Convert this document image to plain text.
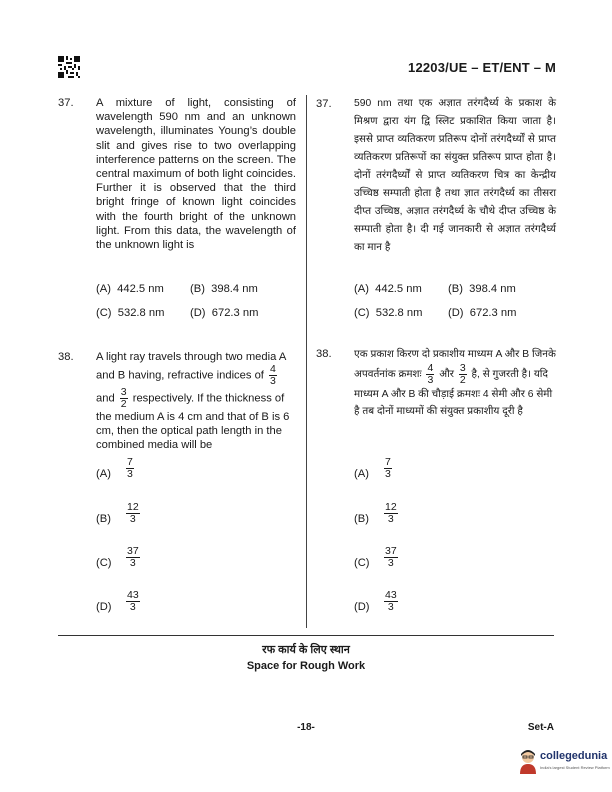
12203/UE – ET/ENT – M
37. A mixture of light, consisting of wavelength 590 nm and an unknown wavelength, illuminates Young’s double slit and gives rise to two overlapping interference patterns on the screen. The central maximum of both light coincides. Further it is observed that the third bright fringe of known light coincides with the fourth bright of the unknown light. From this data, the wavelength of the unknown light is
(A) 442.5 nm (B) 398.4 nm
(C) 532.8 nm (D) 672.3 nm
37. 590 nm तथा एक अज्ञात तरंगदैर्ध्य के प्रकाश के मिश्रण द्वारा यंग द्वि स्लिट प्रकाशित किया जाता है। इससे प्राप्त व्यतिकरण प्रतिरूप दोनों तरंगदैर्ध्यों से प्राप्त व्यतिकरण प्रतिरूपों का संयुक्त प्रतिरूप प्राप्त होता है। दोनों तरंगदैर्ध्यों से प्राप्त व्यतिकरण चित्र का केन्द्रीय उच्चिष्ठ सम्पाती होता है तथा ज्ञात तरंगदैर्ध्य का तीसरा दीप्त उच्चिष्ठ, अज्ञात तरंगदैर्ध्य के चौथे दीप्त उच्चिष्ठ के सम्पाती होता है। दी गई जानकारी से अज्ञात तरंगदैर्ध्य का मान है
(A) 442.5 nm (B) 398.4 nm
(C) 532.8 nm (D) 672.3 nm
38. A light ray travels through two media A and B having, refractive indices of $\frac{4}{3}$
and $\frac{3}{2}$ respectively. If the thickness of the medium A is 4 cm and that of B is 6 cm, then the optical path length in the combined media will be
$(A) \frac{7}{3}$
$(B) \frac{12}{3}$
$(C) \frac{37}{3}$
$(D) \frac{43}{3}$
38. एक प्रकाश किरण दो प्रकाशीय माध्यम A और B जिनके अपवर्तनांक क्रमशः $\frac{4}{3}$ और $\frac{3}{2}$ है, से गुजरती है। यदि माध्यम A और B की चौड़ाई क्रमशः 4 सेमी और 6 सेमी है तब दोनों माध्यमों की संयुक्त प्रकाशीय दूरी है
$(A) \frac{7}{3}$
$(B) \frac{12}{3}$
$(C) \frac{37}{3}$
$(D) \frac{43}{3}$
रफ कार्य के लिए स्थान
Space for Rough Work
-18-	Set-A
collegedunia
India's largest Student Review Platform
